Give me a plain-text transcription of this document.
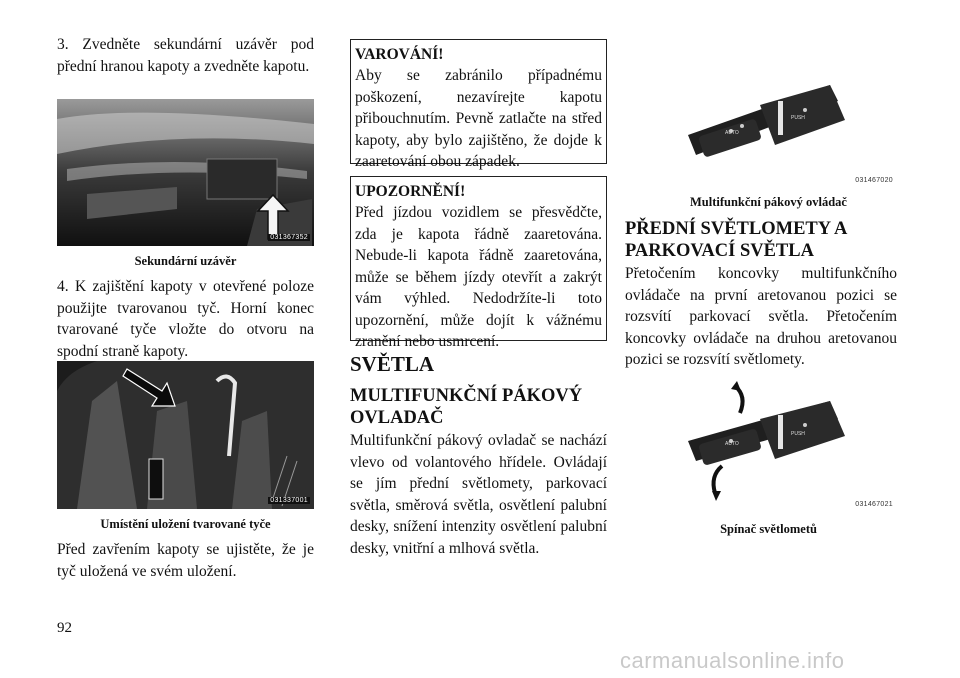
3. Zvedněte sekundární uzávěr pod přední hranou kapoty a zvedněte kapotu.
031367352
Sekundární uzávěr
4. K zajištění kapoty v otevřené poloze použijte tvarovanou tyč. Horní konec tvarované tyče vložte do otvoru na spodní straně kapoty.
031337001
Umístění uložení tvarované tyče
Před zavřením kapoty se ujistěte, že je tyč uložená ve svém uložení.
VAROVÁNÍ!
Aby se zabránilo případnému poškození, nezavírejte kapotu přibouchnutím. Pevně zatlačte na střed kapoty, aby bylo zajištěno, že dojde k zaaretování obou západek.
UPOZORNĚNÍ!
Před jízdou vozidlem se přesvědčte, zda je kapota řádně zaaretována. Nebude-li kapota řádně zaaretována, může se během jízdy otevřít a zakrýt vám výhled. Nedodržíte-li toto upozornění, může dojít k vážnému zranění nebo usmrcení.
SVĚTLA
MULTIFUNKČNÍ PÁKOVÝ
OVLADAČ
Multifunkční pákový ovladač se nachází vlevo od volantového hřídele. Ovládají se jím přední světlomety, parkovací světla, směrová světla, osvětlení palubní desky, snížení intenzity osvětlení palubní desky, vnitřní a mlhová světla.
PUSH
AUTO
031467020
Multifunkční pákový ovládač
PŘEDNÍ SVĚTLOMETY A
PARKOVACÍ SVĚTLA
Přetočením koncovky multifunkčního ovládače na první aretovanou pozici se rozsvítí parkovací světla. Přetočením koncovky ovládače na druhou aretovanou pozici se rozsvítí světlomety.
PUSH
AUTO
031467021
Spínač světlometů
92
carmanualsonline.info
